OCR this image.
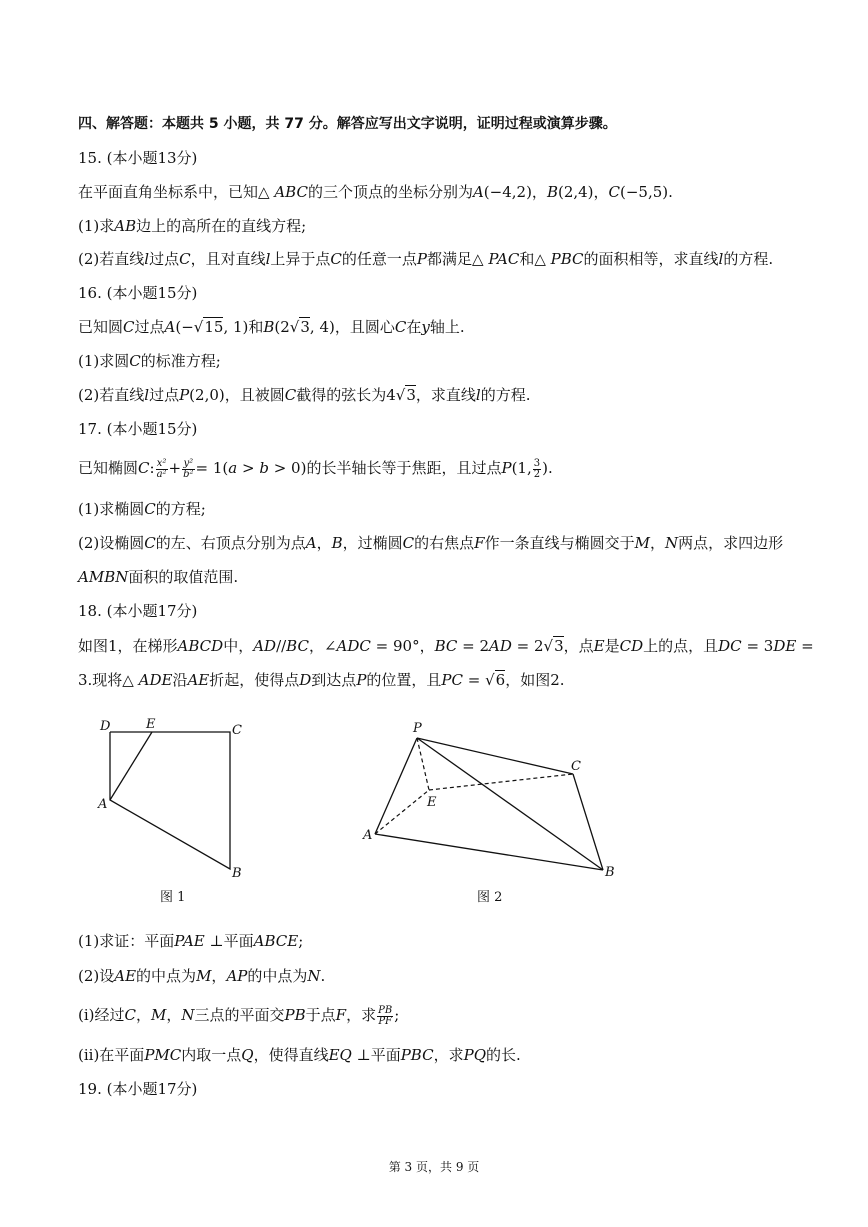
四、解答题：本题共 5 小题，共 77 分。解答应写出文字说明，证明过程或演算步骤。
15. (本小题13分)
在平面直角坐标系中，已知△ ABC的三个顶点的坐标分别为A(−4,2)，B(2,4)，C(−5,5).
(1)求AB边上的高所在的直线方程;
(2)若直线l过点C，且对直线l上异于点C的任意一点P都满足△ PAC和△ PBC的面积相等，求直线l的方程.
16. (本小题15分)
已知圆C过点A(−√15, 1)和B(2√3, 4)，且圆心C在y轴上.
(1)求圆C的标准方程;
(2)若直线l过点P(2,0)，且被圆C截得的弦长为4√3，求直线l的方程.
17. (本小题15分)
已知椭圆C: $\frac{\text{x²}}{\text{a²}} + \frac{\text{y²}}{\text{b²}} = 1(a > b > 0)$的长半轴长等于焦距，且过点P(1, $\frac{3}{2}$ ).
(1)求椭圆C的方程;
(2)设椭圆C的左、右顶点分别为点A，B，过椭圆C的右焦点F作一条直线与椭圆交于M，N两点，求四边形
AMBN面积的取值范围.
18. (本小题17分)
如图1，在梯形ABCD中，AD//BC，∠ADC = 90°，BC = 2AD = 2√3，点E是CD上的点，且DC = 3DE =
3.现将△ ADE沿AE折起，使得点D到达点P的位置，且PC = √6，如图2.
D	E	C
A
B
图 1
P
C
E
A
B
图 2
(1)求证：平面PAE ⊥平面ABCE;
(2)设AE的中点为M，AP的中点为N.
(i)经过C，M，N三点的平面交PB于点F，求 $\frac{PB}{PF}$ ;
(ii)在平面PMC内取一点Q，使得直线EQ ⊥平面PBC，求PQ的长.
19. (本小题17分)
第 3 页，共 9 页
